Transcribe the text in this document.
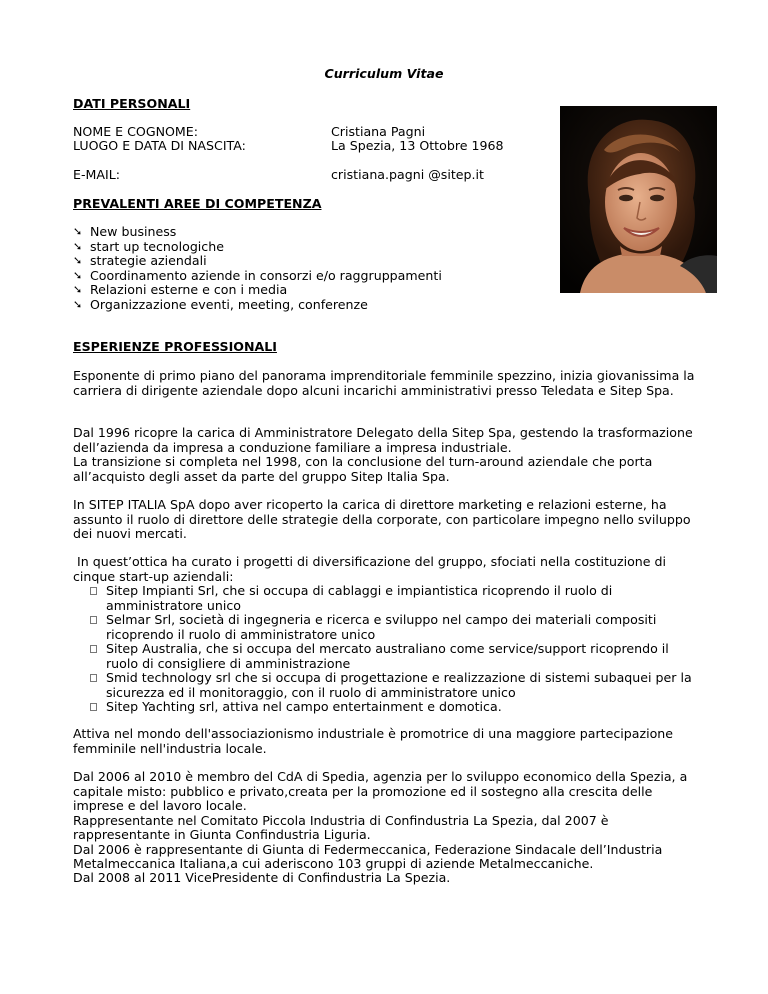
Curriculum Vitae
DATI PERSONALI
NOME E COGNOME:	Cristiana Pagni
LUOGO E DATA DI NASCITA:	La Spezia, 13 Ottobre 1968
E-MAIL:	cristiana.pagni @sitep.it
PREVALENTI AREE DI COMPETENZA
➘ New business
➘ start up tecnologiche
➘ strategie aziendali
➘ Coordinamento aziende in consorzi e/o raggruppamenti
➘ Relazioni esterne e con i media
➘ Organizzazione eventi, meeting, conferenze
ESPERIENZE PROFESSIONALI

Esponente di primo piano del panorama imprenditoriale femminile spezzino, inizia giovanissima la carriera di dirigente aziendale dopo alcuni incarichi amministrativi presso Teledata e Sitep Spa.

Dal 1996 ricopre la carica di Amministratore Delegato della Sitep Spa, gestendo la trasformazione dell’azienda da impresa a conduzione familiare a impresa industriale.

La transizione si completa nel 1998, con la conclusione del turn-around aziendale che porta all’acquisto degli asset da parte del gruppo Sitep Italia Spa.

In SITEP ITALIA SpA dopo aver ricoperto la carica di direttore marketing e relazioni esterne, ha assunto il ruolo di direttore delle strategie della corporate, con particolare impegno nello sviluppo dei nuovi mercati.

In quest’ottica ha curato i progetti di diversificazione del gruppo, sfociati nella costituzione di cinque start-up aziendali:

Sitep Impianti Srl, che si occupa di cablaggi e impiantistica ricoprendo il ruolo di amministratore unico
Selmar Srl, società di ingegneria e ricerca e sviluppo nel campo dei materiali compositi ricoprendo il ruolo di amministratore unico
Sitep Australia, che si occupa del mercato australiano come service/support ricoprendo il ruolo di consigliere di amministrazione
Smid technology srl che si occupa di progettazione e realizzazione di sistemi subaquei per la sicurezza ed il monitoraggio, con il ruolo di amministratore unico
Sitep Yachting srl, attiva nel campo entertainment e domotica.

Attiva nel mondo dell'associazionismo industriale è promotrice di una maggiore partecipazione femminile nell'industria locale.

Dal 2006 al 2010 è membro del CdA di Spedia, agenzia per lo sviluppo economico della Spezia, a capitale misto: pubblico e privato,creata per la promozione ed il sostegno alla crescita delle imprese e del lavoro locale.

Rappresentante nel Comitato Piccola Industria di Confindustria La Spezia, dal 2007 è rappresentante in Giunta Confindustria Liguria.

Dal 2006 è rappresentante di Giunta di Federmeccanica, Federazione Sindacale dell’Industria Metalmeccanica Italiana,a cui aderiscono 103 gruppi di aziende Metalmeccaniche.

Dal 2008 al 2011 VicePresidente di Confindustria La Spezia.
